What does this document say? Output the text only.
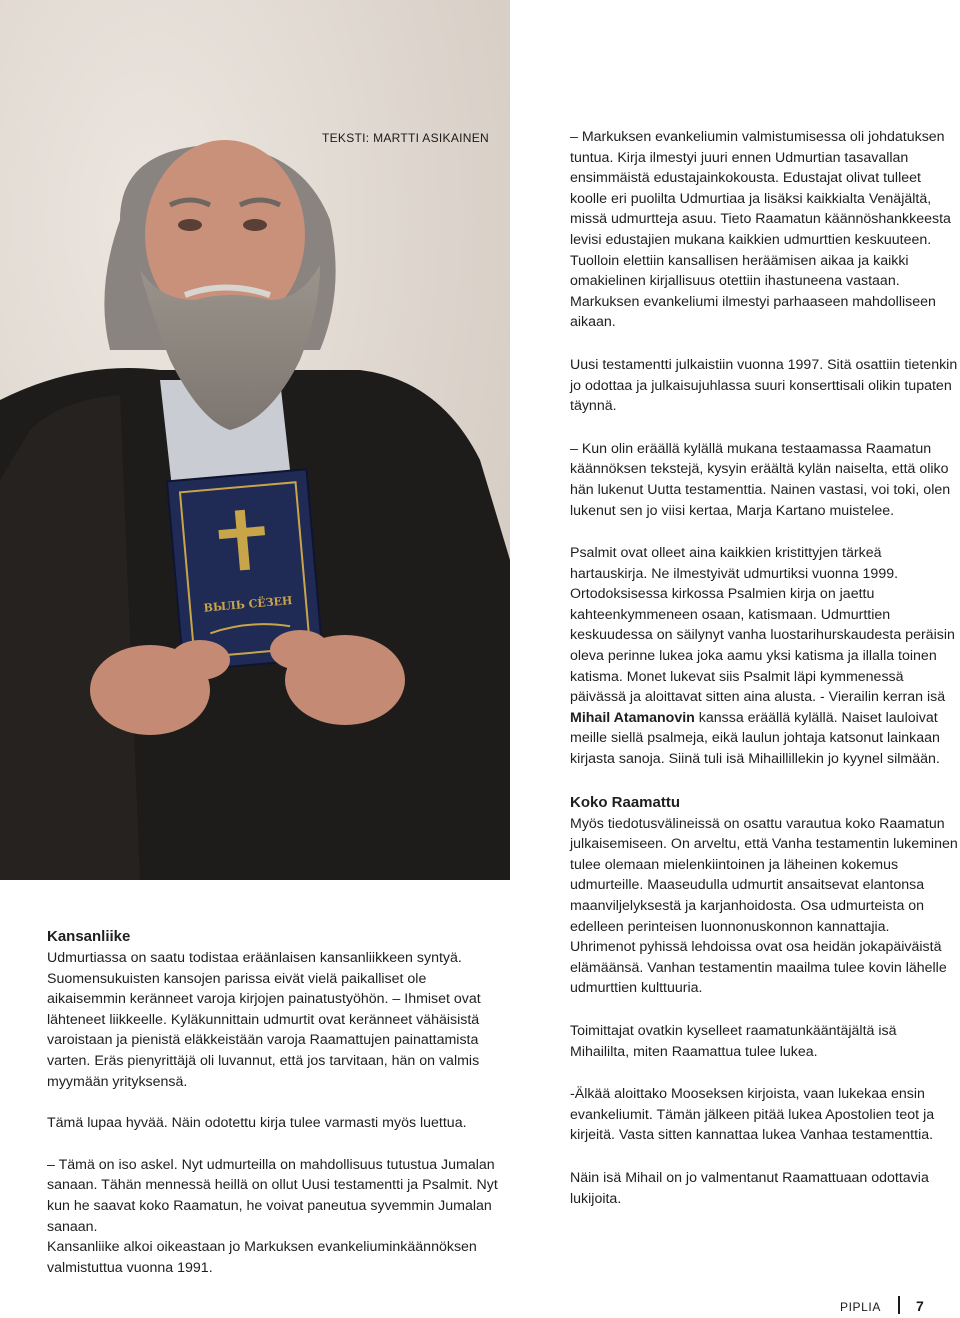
ВЫЛЬ СЁЗЕН
TEKSTI: MARTTI ASIKAINEN	– Markuksen evankeliumin valmistumisessa oli johdatuksen tuntua. Kirja ilmestyi juuri ennen Udmurtian tasavallan ensimmäistä edustajainkokousta. Edustajat olivat tulleet koolle eri puolilta Udmurtiaa ja lisäksi kaikkialta Venäjältä, missä udmurtteja asuu. Tieto Raamatun käännöshankkeesta levisi edustajien mukana kaikkien udmurttien keskuuteen. Tuolloin elettiin kansallisen heräämisen aikaa ja kaikki omakielinen kirjallisuus otettiin ihastuneena vastaan. Markuksen evankeliumi ilmestyi parhaaseen mahdolliseen aikaan.

Uusi testamentti julkaistiin vuonna 1997. Sitä osattiin tietenkin jo odottaa ja julkaisujuhlassa suuri konserttisali olikin tupaten täynnä.

– Kun olin eräällä kylällä mukana testaamassa Raamatun käännöksen tekstejä, kysyin eräältä kylän naiselta, että oliko hän lukenut Uutta testamenttia. Nainen vastasi, voi toki, olen lukenut sen jo viisi kertaa, Marja Kartano muistelee.

Psalmit ovat olleet aina kaikkien kristittyjen tärkeä hartauskirja. Ne ilmestyivät udmurtiksi vuonna 1999. Ortodoksisessa kirkossa Psalmien kirja on jaettu kahteenkymmeneen osaan, katismaan. Udmurttien keskuudessa on säilynyt vanha luostarihurskaudesta peräisin oleva perinne lukea joka aamu yksi katisma ja illalla toinen katisma. Monet lukevat siis Psalmit läpi kymmenessä päivässä ja aloittavat sitten aina alusta. - Vierailin kerran isä Mihail Atamanovin kanssa eräällä kylällä. Naiset lauloivat meille siellä psalmeja, eikä laulun johtaja katsonut lainkaan kirjasta sanoja. Siinä tuli isä Mihaillillekin jo kyynel silmään.

Koko Raamattu

Myös tiedotusvälineissä on osattu varautua koko Raamatun julkaisemiseen. On arveltu, että Vanha testamentin lukeminen tulee olemaan mielenkiintoinen ja läheinen kokemus udmurteille. Maaseudulla udmurtit ansaitsevat elantonsa maanviljelyksestä ja karjanhoidosta. Osa udmurteista on edelleen perinteisen luonnonuskonnon kannattajia. Uhrimenot pyhissä lehdoissa ovat osa heidän jokapäiväistä elämäänsä. Vanhan testamentin maailma tulee kovin lähelle udmurttien kulttuuria.

Toimittajat ovatkin kyselleet raamatunkääntäjältä isä Mihaililta, miten Raamattua tulee lukea.

-Älkää aloittako Mooseksen kirjoista, vaan lukekaa ensin evankeliumit. Tämän jälkeen pitää lukea Apostolien teot ja kirjeitä. Vasta sitten kannattaa lukea Vanhaa testamenttia.

Näin isä Mihail on jo valmentanut Raamattuaan odottavia lukijoita.

Kansanliike

Udmurtiassa on saatu todistaa eräänlaisen kansanliikkeen syntyä. Suomensukuisten kansojen parissa eivät vielä paikalliset ole aikaisemmin keränneet varoja kirjojen painatustyöhön. – Ihmiset ovat lähteneet liikkeelle. Kyläkunnittain udmurtit ovat keränneet vähäisistä varoistaan ja pienistä eläkkeistään varoja Raamattujen painattamista varten. Eräs pienyrittäjä oli luvannut, että jos tarvitaan, hän on valmis myymään yrityksensä.

Tämä lupaa hyvää. Näin odotettu kirja tulee varmasti myös luettua.

– Tämä on iso askel. Nyt udmurteilla on mahdollisuus tutustua Jumalan sanaan. Tähän mennessä heillä on ollut Uusi testamentti ja Psalmit. Nyt kun he saavat koko Raamatun, he voivat paneutua syvemmin Jumalan sanaan.

Kansanliike alkoi oikeastaan jo Markuksen evankeliuminkäännöksen valmistuttua vuonna 1991.

PIPLIA	7
